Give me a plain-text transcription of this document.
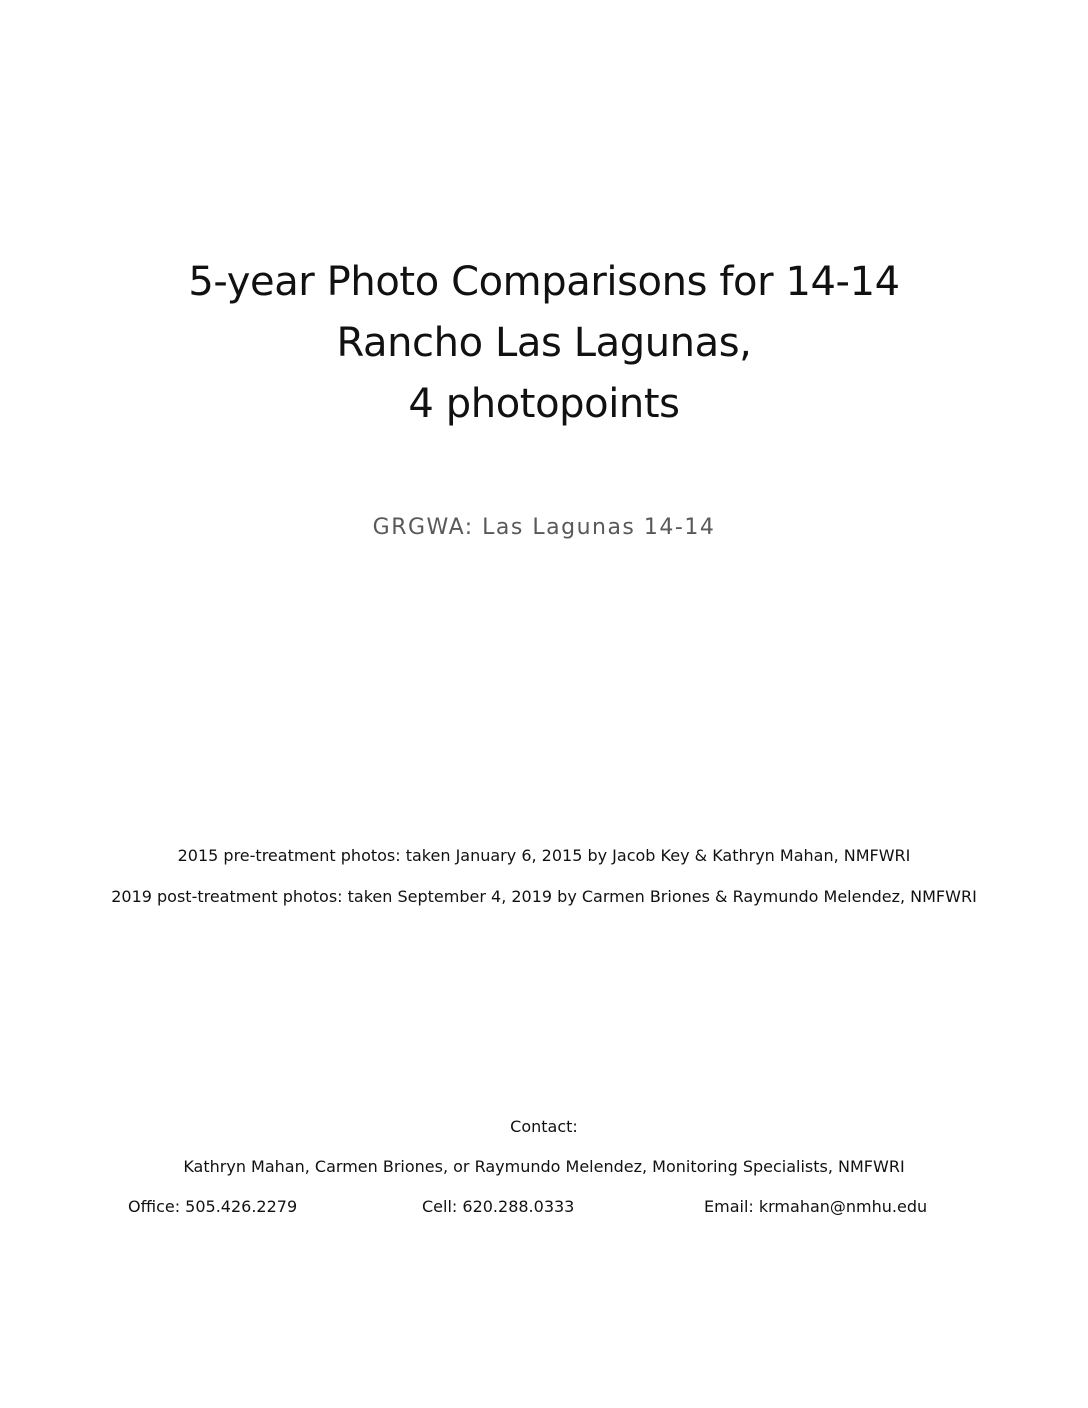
5-year Photo Comparisons for 14-14
Rancho Las Lagunas,
4 photopoints
GRGWA: Las Lagunas 14-14

2015 pre-treatment photos: taken January 6, 2015 by Jacob Key & Kathryn Mahan, NMFWRI

2019 post-treatment photos: taken September 4, 2019 by Carmen Briones & Raymundo Melendez, NMFWRI

Contact:
Kathryn Mahan, Carmen Briones, or Raymundo Melendez, Monitoring Specialists, NMFWRI
Office: 505.426.2279	Cell: 620.288.0333	Email: krmahan@nmhu.edu
